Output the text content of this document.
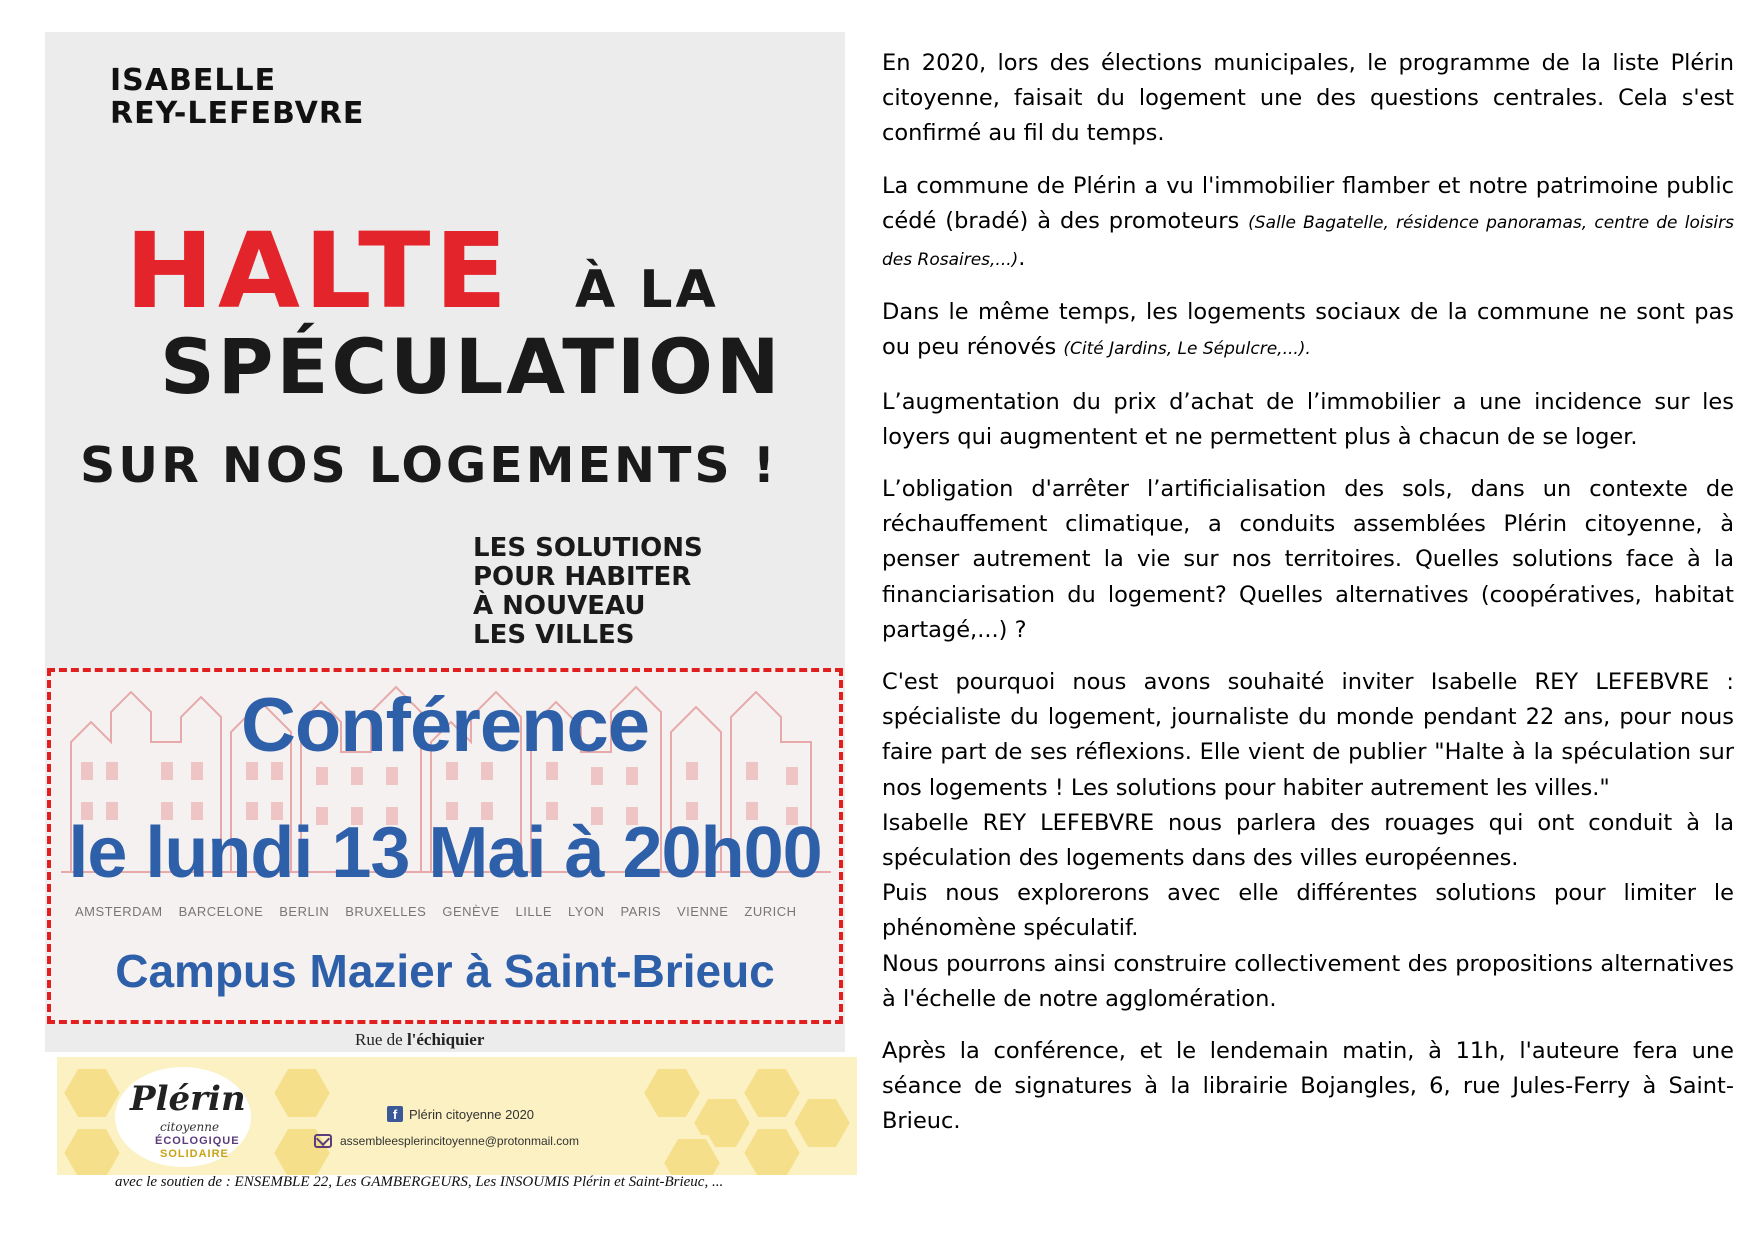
ISABELLE
REY-LEFEBVRE
HALTE À LA
SPÉCULATION
SUR NOS LOGEMENTS !
LES SOLUTIONS
POUR HABITER
À NOUVEAU
LES VILLES
Rue de l'échiquier
Conférence
le lundi 13 Mai à 20h00
AMSTERDAM BARCELONE BERLIN BRUXELLES GENÈVE LILLE LYON PARIS VIENNE ZURICH
Campus Mazier à Saint-Brieuc
Plérin
citoyenne
ÉCOLOGIQUE
SOLIDAIRE
f Plérin citoyenne 2020
assembleesplerincitoyenne@protonmail.com
avec le soutien de : ENSEMBLE 22, Les GAMBERGEURS, Les INSOUMIS Plérin et Saint-Brieuc, ...

En 2020, lors des élections municipales, le programme de la liste Plérin citoyenne, faisait du logement une des questions centrales. Cela s'est confirmé au fil du temps.

La commune de Plérin a vu l'immobilier flamber et notre patrimoine public cédé (bradé) à des promoteurs (Salle Bagatelle, résidence panoramas, centre de loisirs des Rosaires,...).

Dans le même temps, les logements sociaux de la commune ne sont pas ou peu rénovés (Cité Jardins, Le Sépulcre,...).

L’augmentation du prix d’achat de l’immobilier a une incidence sur les loyers qui augmentent et ne permettent plus à chacun de se loger.

L’obligation d'arrêter l’artificialisation des sols, dans un contexte de réchauffement climatique, a conduits assemblées Plérin citoyenne, à penser autrement la vie sur nos territoires. Quelles solutions face à la financiarisation du logement? Quelles alternatives (coopératives, habitat partagé,...) ?

C'est pourquoi nous avons souhaité inviter Isabelle REY LEFEBVRE : spécialiste du logement, journaliste du monde pendant 22 ans, pour nous faire part de ses réflexions. Elle vient de publier "Halte à la spéculation sur nos logements ! Les solutions pour habiter autrement les villes."

Isabelle REY LEFEBVRE nous parlera des rouages qui ont conduit à la spéculation des logements dans des villes européennes.

Puis nous explorerons avec elle différentes solutions pour limiter le phénomène spéculatif.

Nous pourrons ainsi construire collectivement des propositions alternatives à l'échelle de notre agglomération.

Après la conférence, et le lendemain matin, à 11h, l'auteure fera une séance de signatures à la librairie Bojangles, 6, rue Jules-Ferry à Saint-Brieuc.
